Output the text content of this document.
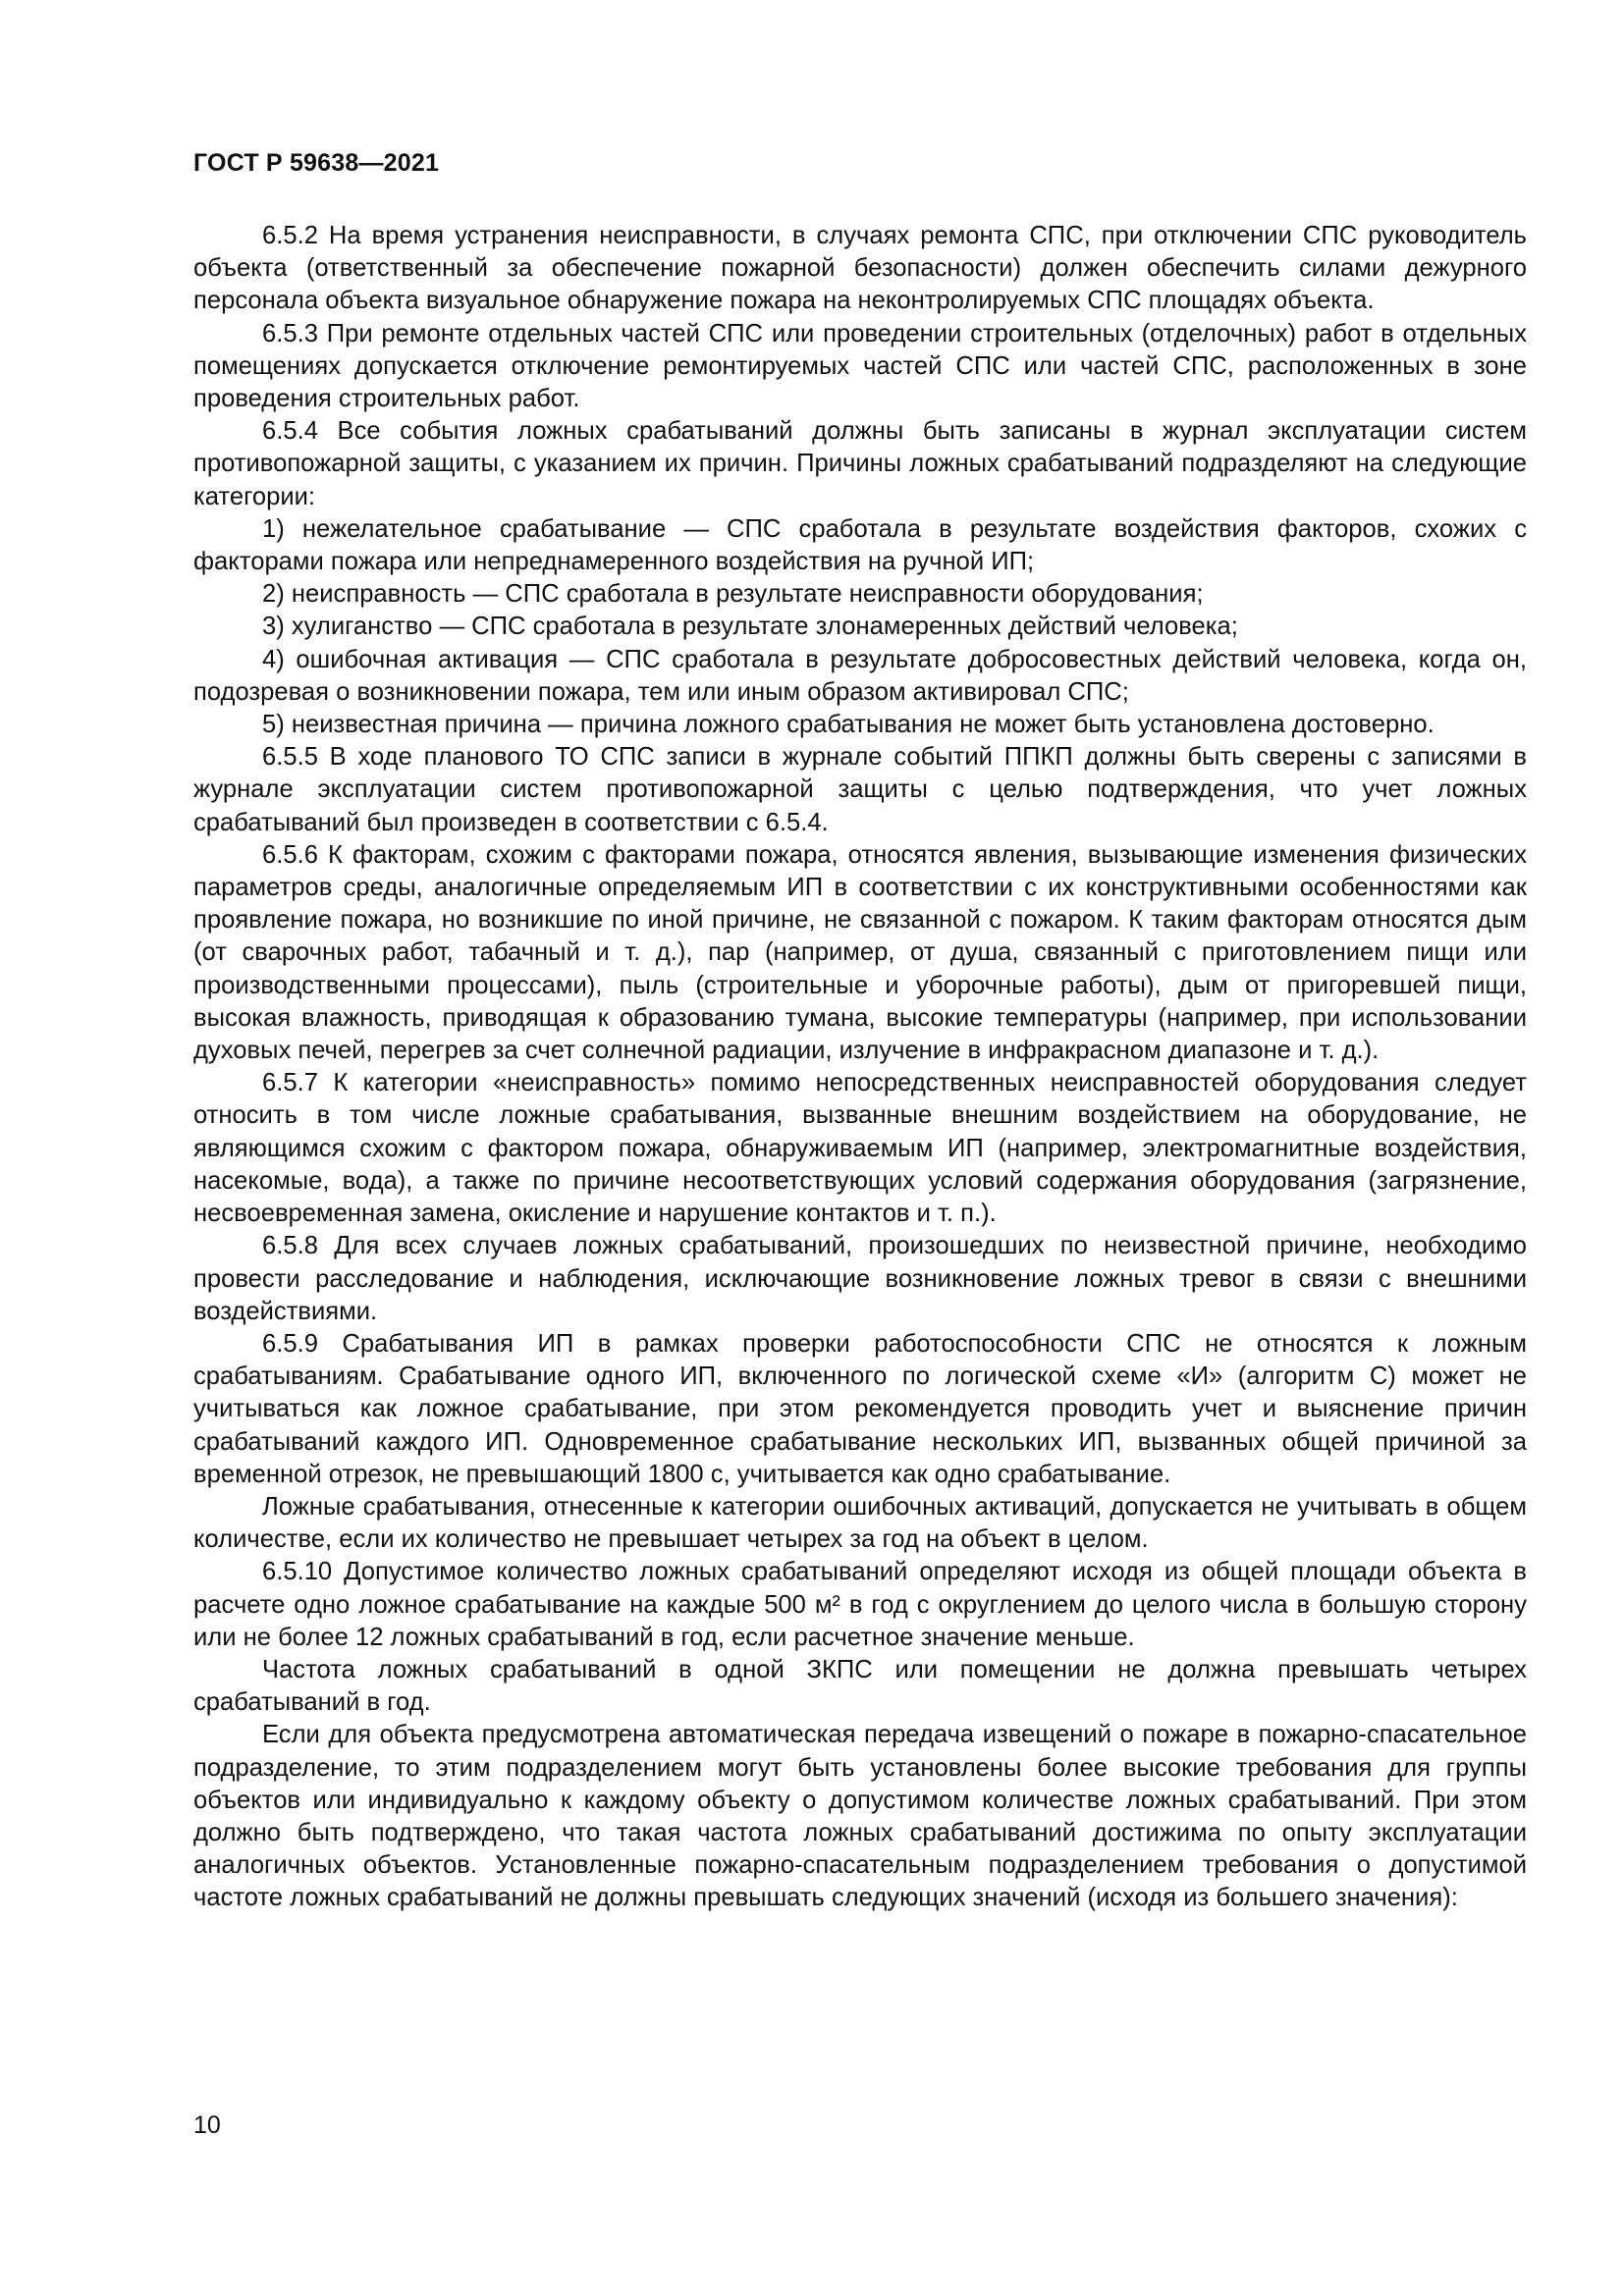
ГОСТ Р 59638—2021

6.5.2 На время устранения неисправности, в случаях ремонта СПС, при отключении СПС руководитель объекта (ответственный за обеспечение пожарной безопасности) должен обеспечить силами дежурного персонала объекта визуальное обнаружение пожара на неконтролируемых СПС площадях объекта.

6.5.3 При ремонте отдельных частей СПС или проведении строительных (отделочных) работ в отдельных помещениях допускается отключение ремонтируемых частей СПС или частей СПС, расположенных в зоне проведения строительных работ.

6.5.4 Все события ложных срабатываний должны быть записаны в журнал эксплуатации систем противопожарной защиты, с указанием их причин. Причины ложных срабатываний подразделяют на следующие категории:

1) нежелательное срабатывание — СПС сработала в результате воздействия факторов, схожих с факторами пожара или непреднамеренного воздействия на ручной ИП;

2) неисправность — СПС сработала в результате неисправности оборудования;

3) хулиганство — СПС сработала в результате злонамеренных действий человека;

4) ошибочная активация — СПС сработала в результате добросовестных действий человека, когда он, подозревая о возникновении пожара, тем или иным образом активировал СПС;

5) неизвестная причина — причина ложного срабатывания не может быть установлена достоверно.

6.5.5 В ходе планового ТО СПС записи в журнале событий ППКП должны быть сверены с записями в журнале эксплуатации систем противопожарной защиты с целью подтверждения, что учет ложных срабатываний был произведен в соответствии с 6.5.4.

6.5.6 К факторам, схожим с факторами пожара, относятся явления, вызывающие изменения физических параметров среды, аналогичные определяемым ИП в соответствии с их конструктивными особенностями как проявление пожара, но возникшие по иной причине, не связанной с пожаром. К таким факторам относятся дым (от сварочных работ, табачный и т. д.), пар (например, от душа, связанный с приготовлением пищи или производственными процессами), пыль (строительные и уборочные работы), дым от пригоревшей пищи, высокая влажность, приводящая к образованию тумана, высокие температуры (например, при использовании духовых печей, перегрев за счет солнечной радиации, излучение в инфракрасном диапазоне и т. д.).

6.5.7 К категории «неисправность» помимо непосредственных неисправностей оборудования следует относить в том числе ложные срабатывания, вызванные внешним воздействием на оборудование, не являющимся схожим с фактором пожара, обнаруживаемым ИП (например, электромагнитные воздействия, насекомые, вода), а также по причине несоответствующих условий содержания оборудования (загрязнение, несвоевременная замена, окисление и нарушение контактов и т. п.).

6.5.8 Для всех случаев ложных срабатываний, произошедших по неизвестной причине, необходимо провести расследование и наблюдения, исключающие возникновение ложных тревог в связи с внешними воздействиями.

6.5.9 Срабатывания ИП в рамках проверки работоспособности СПС не относятся к ложным срабатываниям. Срабатывание одного ИП, включенного по логической схеме «И» (алгоритм С) может не учитываться как ложное срабатывание, при этом рекомендуется проводить учет и выяснение причин срабатываний каждого ИП. Одновременное срабатывание нескольких ИП, вызванных общей причиной за временной отрезок, не превышающий 1800 с, учитывается как одно срабатывание.

Ложные срабатывания, отнесенные к категории ошибочных активаций, допускается не учитывать в общем количестве, если их количество не превышает четырех за год на объект в целом.

6.5.10 Допустимое количество ложных срабатываний определяют исходя из общей площади объекта в расчете одно ложное срабатывание на каждые 500 м² в год с округлением до целого числа в большую сторону или не более 12 ложных срабатываний в год, если расчетное значение меньше.

Частота ложных срабатываний в одной ЗКПС или помещении не должна превышать четырех срабатываний в год.

Если для объекта предусмотрена автоматическая передача извещений о пожаре в пожарно-спасательное подразделение, то этим подразделением могут быть установлены более высокие требования для группы объектов или индивидуально к каждому объекту о допустимом количестве ложных срабатываний. При этом должно быть подтверждено, что такая частота ложных срабатываний достижима по опыту эксплуатации аналогичных объектов. Установленные пожарно-спасательным подразделением требования о допустимой частоте ложных срабатываний не должны превышать следующих значений (исходя из большего значения):

10
